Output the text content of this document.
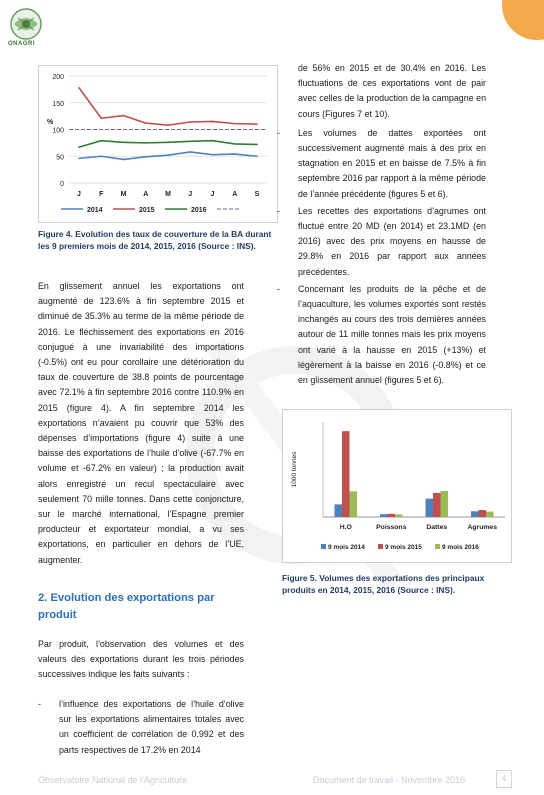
ONAGRI
0
50
100
150
200
%
J	F M A M J	J	A S
2014	2015	2016
Figure 4. Evolution des taux de couverture de la BA durant les 9 premiers mois de 2014, 2015, 2016 (Source : INS).
En glissement annuel les exportations ont augmenté de 123.6% à fin septembre 2015 et diminué de 35.3% au terme de la même période de 2016. Le fléchissement des exportations en 2016 conjugué à une invariabilité des importations (-0.5%) ont eu pour corollaire une détérioration du taux de couverture de 38.8 points de pourcentage avec 72.1% à fin septembre 2016 contre 110.9% en 2015 (figure 4). A fin septembre 2014 les exportations n’avaient pu couvrir que 53% des dépenses d’importations (figure 4) suite à une baisse des exportations de l’huile d’olive (-67.7% en volume et -67.2% en valeur) ; la production avait alors enregistré un recul spectaculaire avec seulement 70 mille tonnes. Dans cette conjoncture, sur le marché international, l’Espagne premier producteur et exportateur mondial, a vu ses exportations, en particulier en dehors de l’UE, augmenter.
2. Evolution des exportations par produit
Par produit, l’observation des volumes et des valeurs des exportations durant les trois périodes successives indique les faits suivants :
- l’influence des exportations de l’huile d’olive sur les exportations alimentaires totales avec un coefficient de corrélation de 0.992 et des parts respectives de 17.2% en 2014
de 56% en 2015 et de 30.4% en 2016. Les fluctuations de ces exportations vont de pair avec celles de la production de la campagne en cours (Figures 7 et 10).
- Les volumes de dattes exportées ont successivement augmenté mais à des prix en stagnation en 2015 et en baisse de 7.5% à fin septembre 2016 par rapport à la même période de l’année précédente (figures 5 et 6).
- Les recettes des exportations d’agrumes ont fluctué entre 20 MD (en 2014) et 23.1MD (en 2016) avec des prix moyens en hausse de 29.8% en 2016 par rapport aux années précédentes.
- Concernant les produits de la pêche et de l’aquaculture, les volumes exportés sont restés inchangés au cours des trois dernières années autour de 11 mille tonnes mais les prix moyens ont varié à la hausse en 2015 (+13%) et légèrement à la baisse en 2016 (-0.8%) et ce en glissement annuel (figures 5 et 6).
1000 tonnes
H.O	Poissons	Dattes	Agrumes
9 mois 2014	9 mois 2015	9 mois 2016
Figure 5. Volumes des exportations des principaux produits en 2014, 2015, 2016 (Source : INS).
Observatoire National de l’Agriculture	Document de travail - Novembre 2016	4
